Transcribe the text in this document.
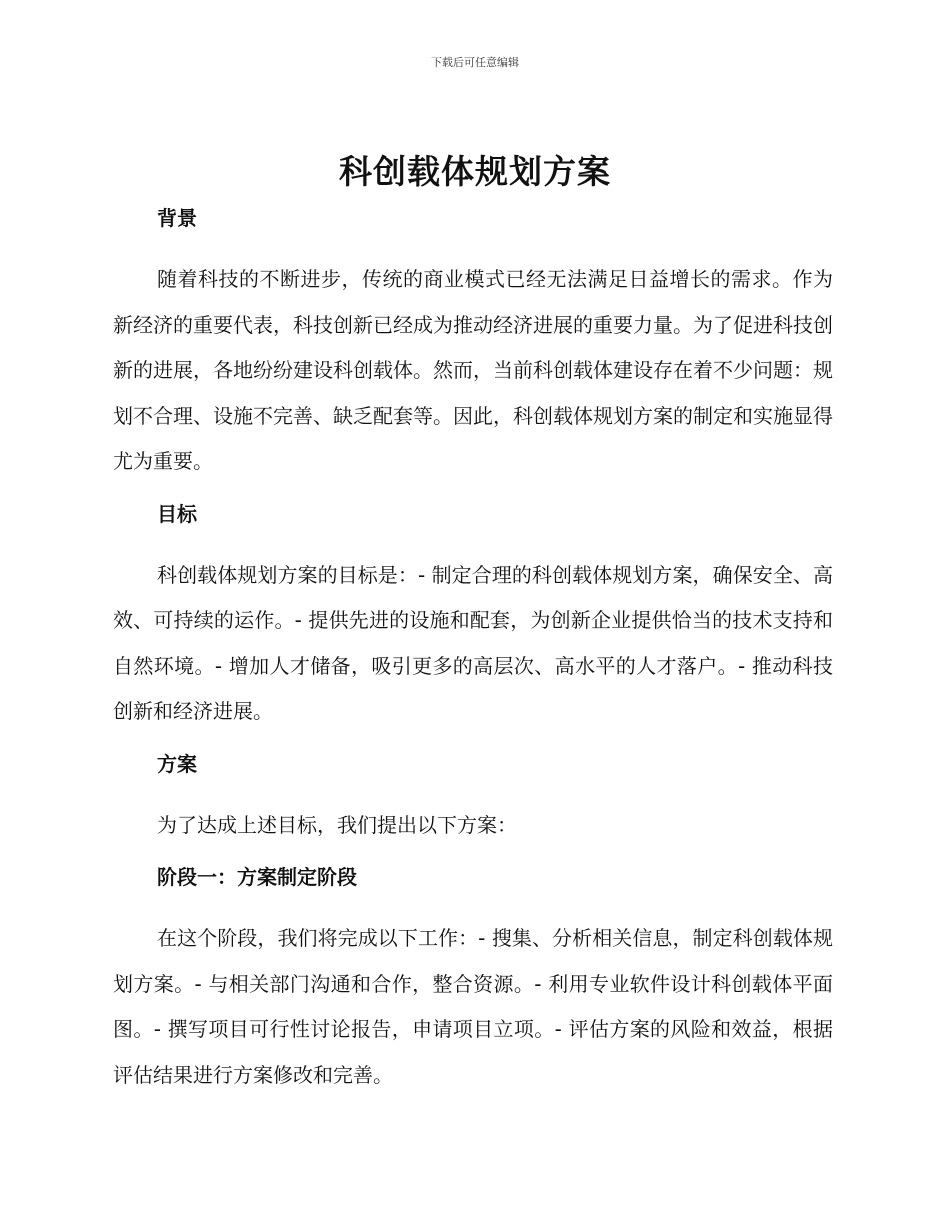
下载后可任意编辑
科创载体规划方案
背景

随着科技的不断进步，传统的商业模式已经无法满足日益增长的需求。作为新经济的重要代表，科技创新已经成为推动经济进展的重要力量。为了促进科技创新的进展，各地纷纷建设科创载体。然而，当前科创载体建设存在着不少问题：规划不合理、设施不完善、缺乏配套等。因此，科创载体规划方案的制定和实施显得尤为重要。

目标

科创载体规划方案的目标是：- 制定合理的科创载体规划方案，确保安全、高效、可持续的运作。- 提供先进的设施和配套，为创新企业提供恰当的技术支持和自然环境。- 增加人才储备，吸引更多的高层次、高水平的人才落户。- 推动科技创新和经济进展。

方案

为了达成上述目标，我们提出以下方案：

阶段一：方案制定阶段

在这个阶段，我们将完成以下工作：- 搜集、分析相关信息，制定科创载体规划方案。- 与相关部门沟通和合作，整合资源。- 利用专业软件设计科创载体平面图。- 撰写项目可行性讨论报告，申请项目立项。- 评估方案的风险和效益，根据评估结果进行方案修改和完善。
